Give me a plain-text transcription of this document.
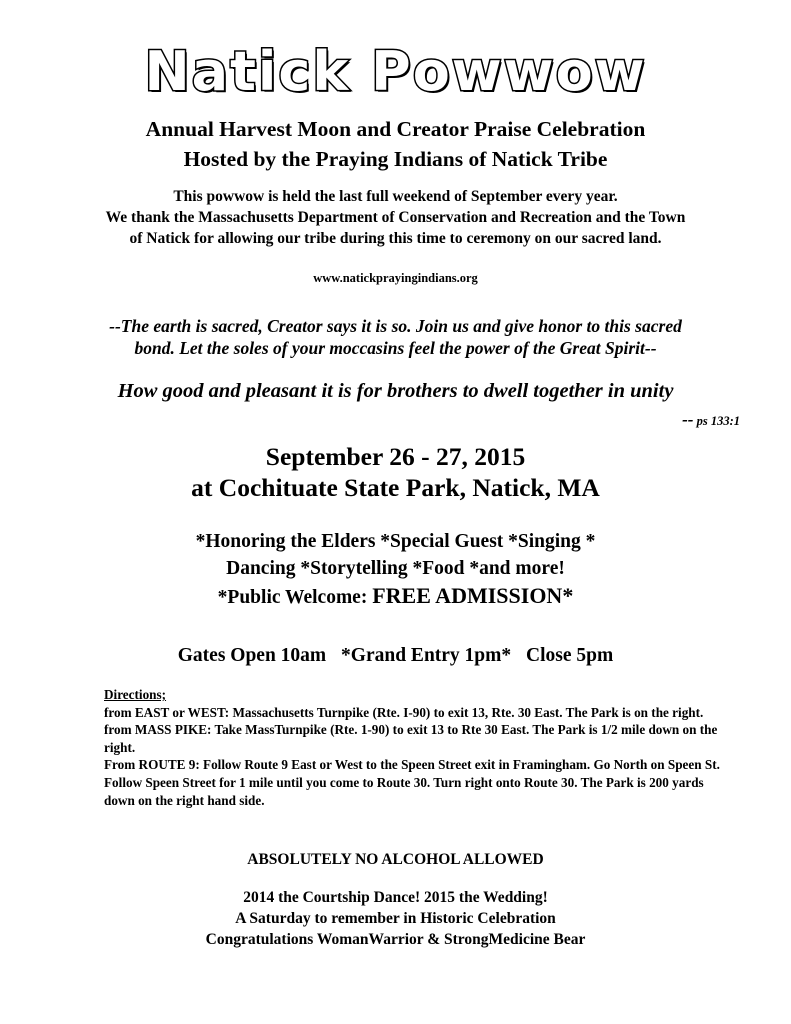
Natick Powwow
Annual Harvest Moon and Creator Praise Celebration
Hosted by the Praying Indians of Natick Tribe
This powwow is held the last full weekend of September every year.
We thank the Massachusetts Department of Conservation and Recreation and the Town
of Natick for allowing our tribe during this time to ceremony on our sacred land.
www.natickprayingindians.org
--The earth is sacred, Creator says it is so. Join us and give honor to this sacred
bond. Let the soles of your moccasins feel the power of the Great Spirit--
How good and pleasant it is for brothers to dwell together in unity
-- ps 133:1
September 26 - 27, 2015
at Cochituate State Park, Natick, MA
*Honoring the Elders *Special Guest *Singing *
Dancing *Storytelling *Food *and more!
*Public Welcome: FREE ADMISSION*
Gates Open 10am *Grand Entry 1pm* Close 5pm
Directions;
from EAST or WEST: Massachusetts Turnpike (Rte. I-90) to exit 13, Rte. 30 East. The Park is on the right.
from MASS PIKE: Take MassTurnpike (Rte. 1-90) to exit 13 to Rte 30 East. The Park is 1/2 mile down on the right.
From ROUTE 9: Follow Route 9 East or West to the Speen Street exit in Framingham. Go North on Speen St. Follow Speen Street for 1 mile until you come to Route 30. Turn right onto Route 30. The Park is 200 yards down on the right hand side.
ABSOLUTELY NO ALCOHOL ALLOWED
2014 the Courtship Dance! 2015 the Wedding!
A Saturday to remember in Historic Celebration
Congratulations WomanWarrior & StrongMedicine Bear
